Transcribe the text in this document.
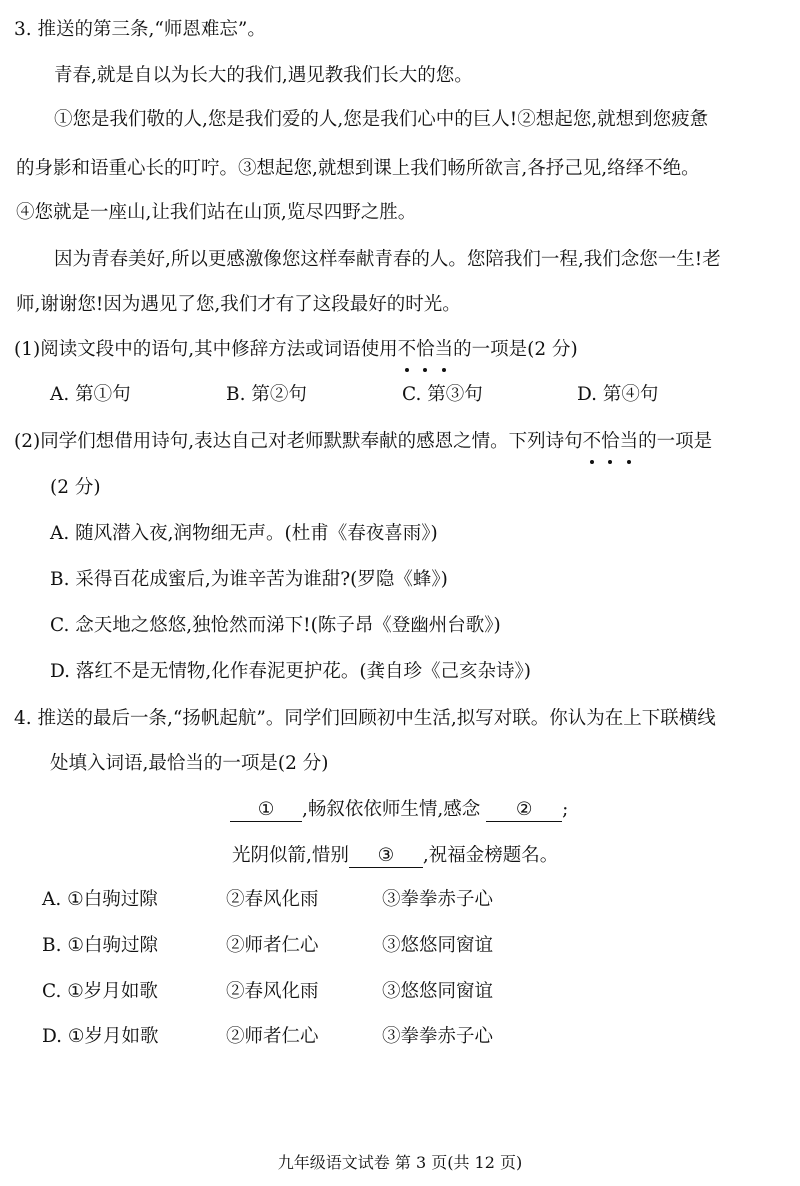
3. 推送的第三条,“师恩难忘”。
青春,就是自以为长大的我们,遇见教我们长大的您。
①您是我们敬的人,您是我们爱的人,您是我们心中的巨人!②想起您,就想到您疲惫
的身影和语重心长的叮咛。③想起您,就想到课上我们畅所欲言,各抒己见,络绎不绝。
④您就是一座山,让我们站在山顶,览尽四野之胜。
因为青春美好,所以更感激像您这样奉献青春的人。您陪我们一程,我们念您一生!老
师,谢谢您!因为遇见了您,我们才有了这段最好的时光。
(1)阅读文段中的语句,其中修辞方法或词语使用不恰当的一项是(2 分)
A. 第①句	B. 第②句	C. 第③句	D. 第④句
(2)同学们想借用诗句,表达自己对老师默默奉献的感恩之情。下列诗句不恰当的一项是
(2 分)
A. 随风潜入夜,润物细无声。(杜甫《春夜喜雨》)
B. 采得百花成蜜后,为谁辛苦为谁甜?(罗隐《蜂》)
C. 念天地之悠悠,独怆然而涕下!(陈子昂《登幽州台歌》)
D. 落红不是无情物,化作春泥更护花。(龚自珍《己亥杂诗》)
4. 推送的最后一条,“扬帆起航”。同学们回顾初中生活,拟写对联。你认为在上下联横线
处填入词语,最恰当的一项是(2 分)
① ,畅叙依依师生情,感念 ② ;
光阴似箭,惜别 ③ ,祝福金榜题名。
A. ①白驹过隙	②春风化雨	③拳拳赤子心
B. ①白驹过隙	②师者仁心	③悠悠同窗谊
C. ①岁月如歌	②春风化雨	③悠悠同窗谊
D. ①岁月如歌	②师者仁心	③拳拳赤子心
九年级语文试卷 第 3 页(共 12 页)
